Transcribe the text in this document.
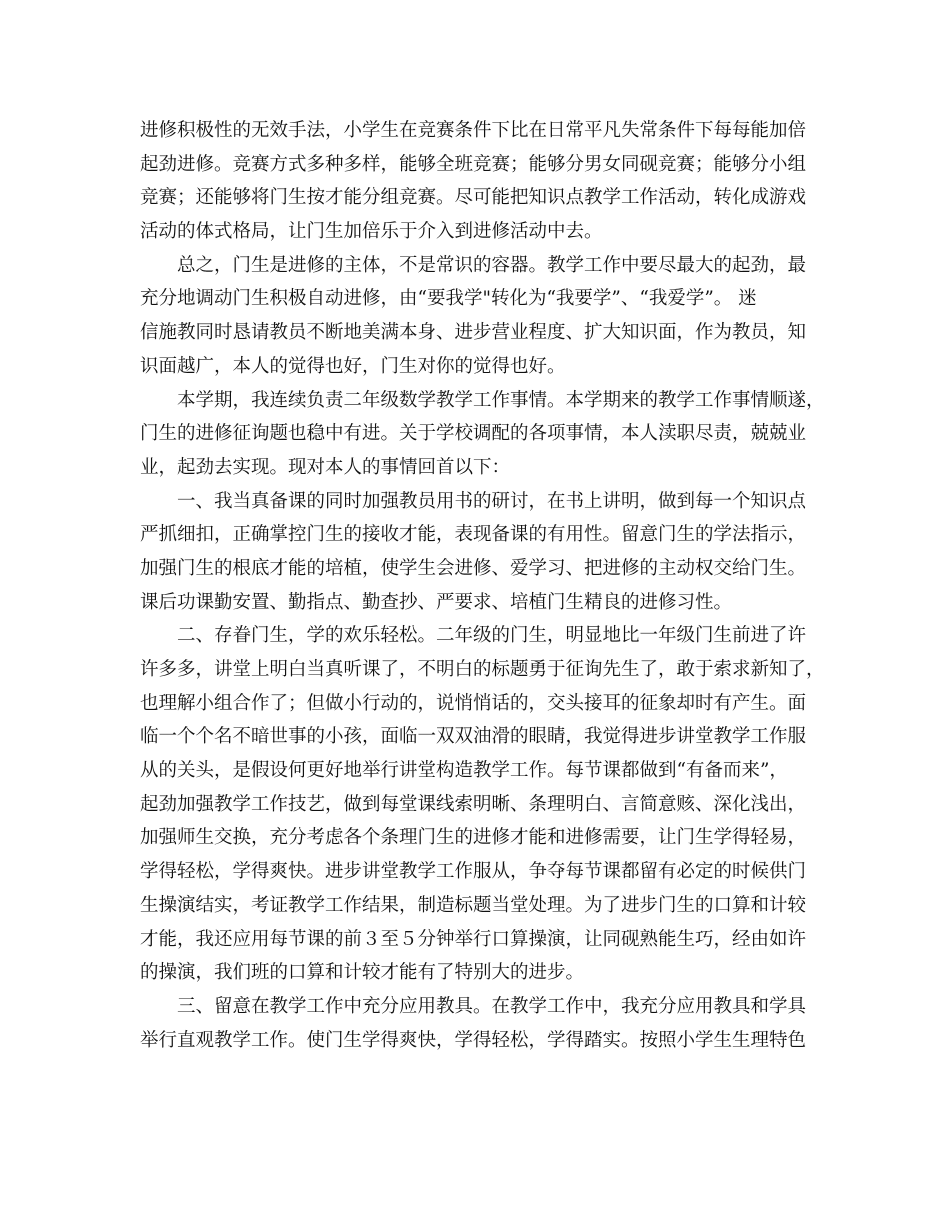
进修积极性的无效手法，小学生在竞赛条件下比在日常平凡失常条件下每每能加倍
起劲进修。竞赛方式多种多样，能够全班竞赛；能够分男女同砚竞赛；能够分小组
竞赛；还能够将门生按才能分组竞赛。尽可能把知识点教学工作活动，转化成游戏
活动的体式格局，让门生加倍乐于介入到进修活动中去。
总之，门生是进修的主体，不是常识的容器。教学工作中要尽最大的起劲，最
充分地调动门生积极自动进修，由“要我学"转化为“我要学”、“我爱学”。 迷
信施教同时恳请教员不断地美满本身、进步营业程度、扩大知识面，作为教员，知
识面越广，本人的觉得也好，门生对你的觉得也好。
本学期，我连续负责二年级数学教学工作事情。本学期来的教学工作事情顺遂，
门生的进修征询题也稳中有进。关于学校调配的各项事情，本人渎职尽责，兢兢业
业，起劲去实现。现对本人的事情回首以下：
一、我当真备课的同时加强教员用书的研讨，在书上讲明，做到每一个知识点
严抓细扣，正确掌控门生的接收才能，表现备课的有用性。留意门生的学法指示，
加强门生的根底才能的培植，使学生会进修、爱学习、把进修的主动权交给门生。
课后功课勤安置、勤指点、勤查抄、严要求、培植门生精良的进修习性。
二、存眷门生，学的欢乐轻松。二年级的门生，明显地比一年级门生前进了许
许多多，讲堂上明白当真听课了，不明白的标题勇于征询先生了，敢于索求新知了，
也理解小组合作了；但做小行动的，说悄悄话的，交头接耳的征象却时有产生。面
临一个个名不暗世事的小孩，面临一双双油滑的眼睛，我觉得进步讲堂教学工作服
从的关头，是假设何更好地举行讲堂构造教学工作。每节课都做到“有备而来”，
起劲加强教学工作技艺，做到每堂课线索明晰、条理明白、言简意赅、深化浅出，
加强师生交换，充分考虑各个条理门生的进修才能和进修需要，让门生学得轻易，
学得轻松，学得爽快。进步讲堂教学工作服从，争夺每节课都留有必定的时候供门
生操演结实，考证教学工作结果，制造标题当堂处理。为了进步门生的口算和计较
才能，我还应用每节课的前３至５分钟举行口算操演，让同砚熟能生巧，经由如许
的操演，我们班的口算和计较才能有了特别大的进步。
三、留意在教学工作中充分应用教具。在教学工作中，我充分应用教具和学具
举行直观教学工作。使门生学得爽快，学得轻松，学得踏实。按照小学生生理特色
